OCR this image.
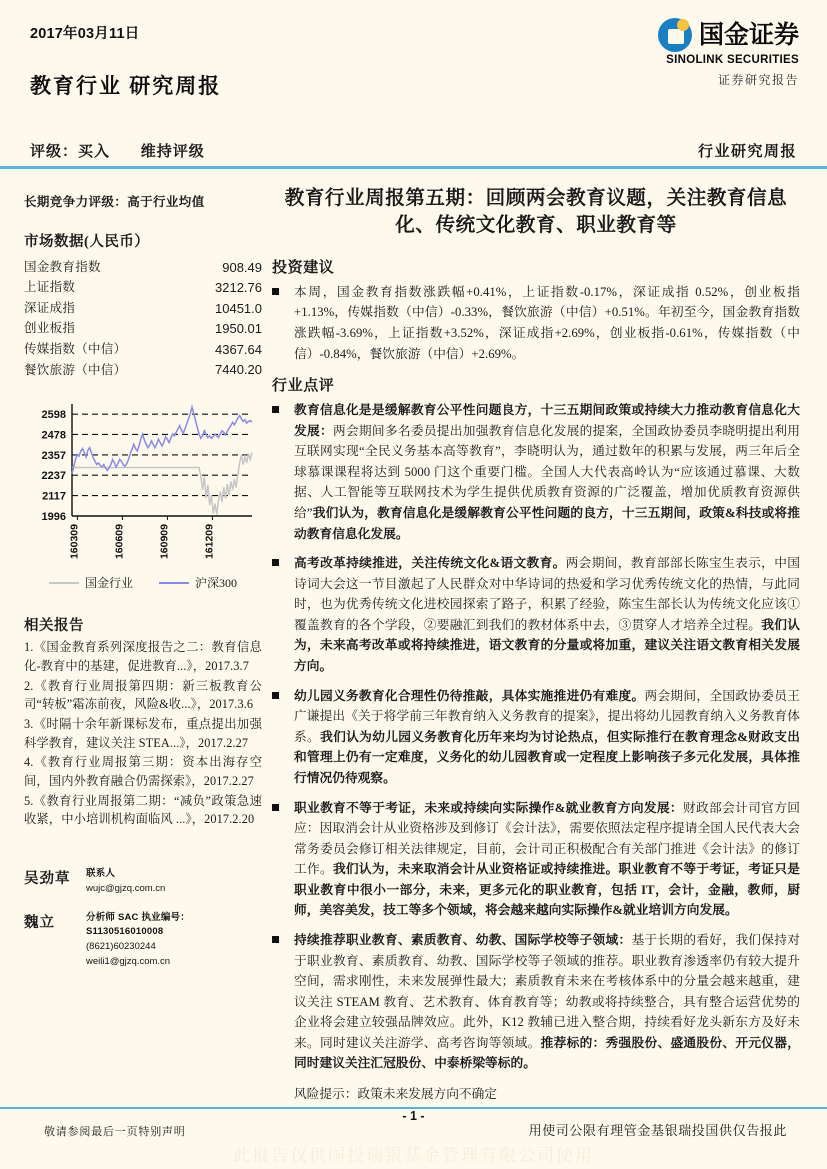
2017年03月11日
教育行业 研究周报
国金证券
SINOLINK SECURITIES
证券研究报告
评级：买入 维持评级	行业研究周报
长期竞争力评级：高于行业均值
市场数据(人民币）
国金教育指数	908.49
上证指数	3212.76
深证成指	10451.0
创业板指	1950.01
传媒指数（中信）	4367.64
餐饮旅游（中信）	7440.20
1996
2117
2237
2357
2478
2598
160309	160609	160909	161209
国金行业	沪深300
相关报告
1.《国金教育系列深度报告之二：教育信息化-教育中的基建，促进教育...》，2017.3.7
2.《教育行业周报第四期：新三板教育公司“转板”霜冻前夜，风险&收...》，2017.3.6
3.《时隔十余年新课标发布，重点提出加强科学教育，建议关注 STEA...》，2017.2.27
4.《教育行业周报第三期：资本出海存空间，国内外教育融合仍需探索》，2017.2.27
5.《教育行业周报第二期：“减负”政策急速收紧，中小培训机构面临风 ...》，2017.2.20
吴劲草	联系人
wujc@gjzq.com.cn
魏立	分析师 SAC 执业编号：S1130516010008
(8621)60230244
weili1@gjzq.com.cn
教育行业周报第五期：回顾两会教育议题，关注教育信息化、传统文化教育、职业教育等
投资建议
本周，国金教育指数涨跌幅+0.41%，上证指数-0.17%，深证成指 0.52%，创业板指+1.13%，传媒指数（中信）-0.33%，餐饮旅游（中信）+0.51%。年初至今，国金教育指数涨跌幅-3.69%，上证指数+3.52%，深证成指+2.69%，创业板指-0.61%，传媒指数（中信）-0.84%，餐饮旅游（中信）+2.69%。
行业点评
教育信息化是是缓解教育公平性问题良方，十三五期间政策或持续大力推动教育信息化大发展：两会期间多名委员提出加强教育信息化发展的提案，全国政协委员李晓明提出利用互联网实现“全民义务基本高等教育”，李晓明认为，通过数年的积累与发展，两三年后全球慕课课程将达到 5000 门这个重要门槛。全国人大代表高岭认为“应该通过慕课、大数据、人工智能等互联网技术为学生提供优质教育资源的广泛覆盖，增加优质教育资源供给”我们认为，教育信息化是缓解教育公平性问题的良方，十三五期间，政策&科技或将推动教育信息化发展。
高考改革持续推进，关注传统文化&语文教育。两会期间，教育部部长陈宝生表示，中国诗词大会这一节目激起了人民群众对中华诗词的热爱和学习优秀传统文化的热情，与此同时，也为优秀传统文化进校园探索了路子，积累了经验，陈宝生部长认为传统文化应该①覆盖教育的各个学段，②要融汇到我们的教材体系中去，③贯穿人才培养全过程。我们认为，未来高考改革或将持续推进，语文教育的分量或将加重，建议关注语文教育相关发展方向。
幼儿园义务教育化合理性仍待推敲，具体实施推进仍有难度。两会期间，全国政协委员王广谦提出《关于将学前三年教育纳入义务教育的提案》，提出将幼儿园教育纳入义务教育体系。我们认为幼儿园义务教育化历年来均为讨论热点，但实际推行在教育理念&财政支出和管理上仍有一定难度，义务化的幼儿园教育或一定程度上影响孩子多元化发展，具体推行情况仍待观察。
职业教育不等于考证，未来或持续向实际操作&就业教育方向发展：财政部会计司官方回应：因取消会计从业资格涉及到修订《会计法》，需要依照法定程序提请全国人民代表大会常务委员会修订相关法律规定，目前，会计司正积极配合有关部门推进《会计法》的修订工作。我们认为，未来取消会计从业资格证或持续推进。职业教育不等于考证，考证只是职业教育中很小一部分，未来，更多元化的职业教育，包括 IT，会计，金融，教师，厨师，美容美发，技工等多个领域，将会越来越向实际操作&就业培训方向发展。
持续推荐职业教育、素质教育、幼教、国际学校等子领域：基于长期的看好，我们保持对于职业教育、素质教育、幼教、国际学校等子领域的推荐。职业教育渗透率仍有较大提升空间，需求刚性，未来发展弹性最大；素质教育未来在考核体系中的分量会越来越重，建议关注 STEAM 教育、艺术教育、体育教育等；幼教或将持续整合，具有整合运营优势的企业将会建立较强品牌效应。此外，K12 教辅已进入整合期，持续看好龙头新东方及好未来。同时建议关注游学、高考咨询等领域。推荐标的：秀强股份、盛通股份、开元仪器，同时建议关注汇冠股份、中泰桥梁等标的。
风险提示：政策未来发展方向不确定
- 1 -
敬请参阅最后一页特别声明	用使司公限有理管金基银瑞投国供仅告报此
此报告仅供国投瑞银基金管理有限公司使用
